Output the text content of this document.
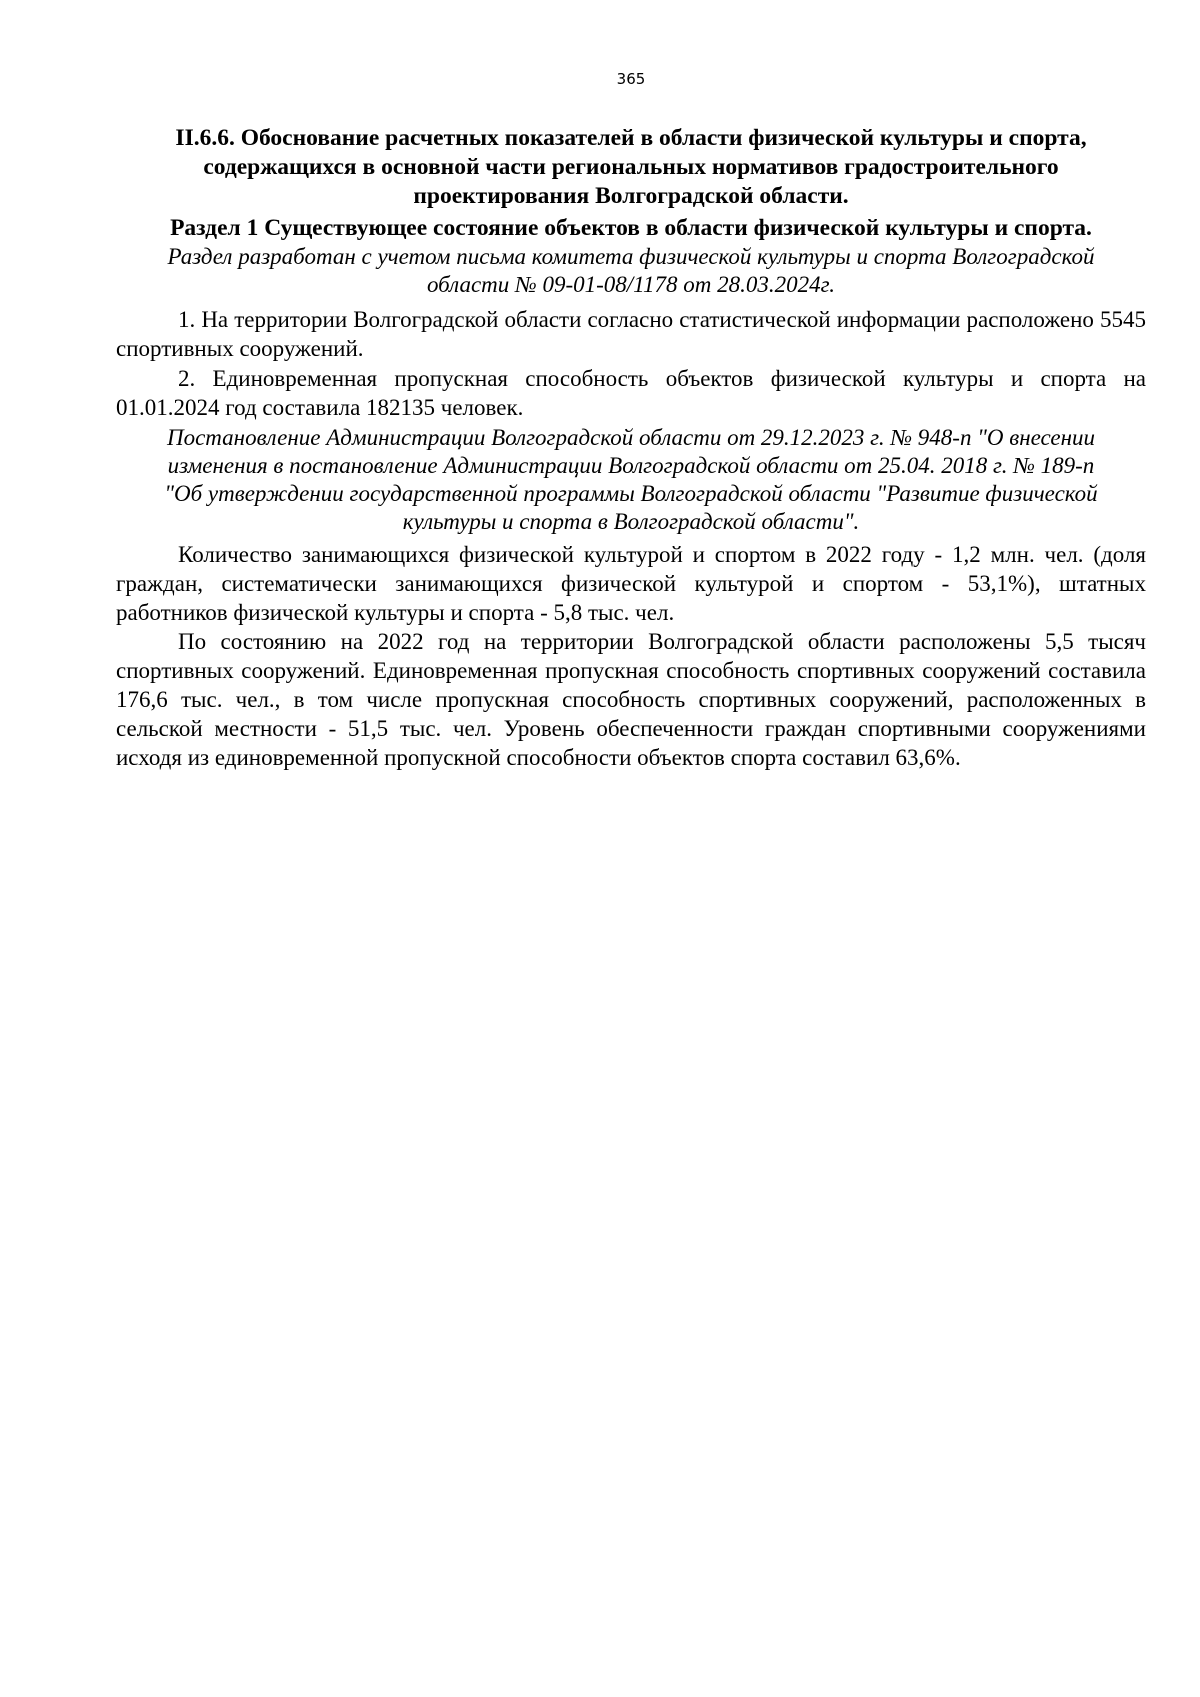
365
II.6.6. Обоснование расчетных показателей в области физической культуры и спорта,
содержащихся в основной части региональных нормативов градостроительного
проектирования Волгоградской области.
Раздел 1 Существующее состояние объектов в области физической культуры и спорта.
Раздел разработан с учетом письма комитета физической культуры и спорта Волгоградской
области № 09-01-08/1178 от 28.03.2024г.

1. На территории Волгоградской области согласно статистической информации расположено 5545 спортивных сооружений.

2. Единовременная пропускная способность объектов физической культуры и спорта на 01.01.2024 год составила 182135 человек.

Постановление Администрации Волгоградской области от 29.12.2023 г. № 948-п "О внесении
изменения в постановление Администрации Волгоградской области от 25.04. 2018 г. № 189-п
"Об утверждении государственной программы Волгоградской области "Развитие физической
культуры и спорта в Волгоградской области".

Количество занимающихся физической культурой и спортом в 2022 году - 1,2 млн. чел. (доля граждан, систематически занимающихся физической культурой и спортом - 53,1%), штатных работников физической культуры и спорта - 5,8 тыс. чел.

По состоянию на 2022 год на территории Волгоградской области расположены 5,5 тысяч спортивных сооружений. Единовременная пропускная способность спортивных сооружений составила 176,6 тыс. чел., в том числе пропускная способность спортивных сооружений, расположенных в сельской местности - 51,5 тыс. чел. Уровень обеспеченности граждан спортивными сооружениями исходя из единовременной пропускной способности объектов спорта составил 63,6%.
